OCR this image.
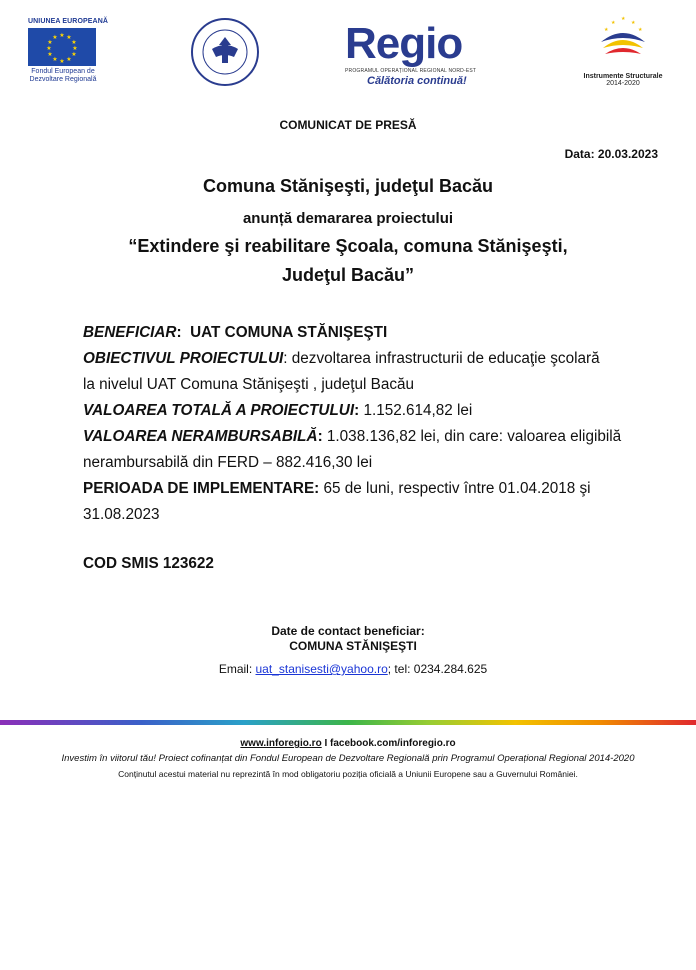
UNIUNEA EUROPEANĂ
★ ★
★
★
★
★
★
★
★
★
★
★
Fondul European de Dezvoltare Regională
Regio
PROGRAMUL OPERAȚIONAL REGIONAL NORD-EST
Călătoria continuă!
★
★
★
★
★
Instrumente Structurale
2014-2020
COMUNICAT DE PRESĂ
Data: 20.03.2023
Comuna Stănişeşti, judeţul Bacău
anunță demararea proiectului
“Extindere şi reabilitare Şcoala, comuna Stănişeşti,
Judeţul Bacău”
BENEFICIAR:  UAT COMUNA STĂNIŞEŞTI
OBIECTIVUL PROIECTULUI: dezvoltarea infrastructurii de educaţie şcolară
la nivelul UAT Comuna Stănişeşti , judeţul Bacău
VALOAREA TOTALĂ A PROIECTULUI: 1.152.614,82 lei
VALOAREA NERAMBURSABILĂ: 1.038.136,82 lei, din care: valoarea eligibilă
nerambursabilă din FERD – 882.416,30 lei
PERIOADA DE IMPLEMENTARE: 65 de luni, respectiv între 01.04.2018 şi
31.08.2023
COD SMIS 123622
Date de contact beneficiar:
COMUNA STĂNIŞEŞTI
Email: uat_stanisesti@yahoo.ro; tel: 0234.284.625
www.inforegio.ro I facebook.com/inforegio.ro
Investim în viitorul tău! Proiect cofinanțat din Fondul European de Dezvoltare Regională prin Programul Operațional Regional 2014-2020
Conținutul acestui material nu reprezintă în mod obligatoriu poziția oficială a Uniunii Europene sau a Guvernului României.
